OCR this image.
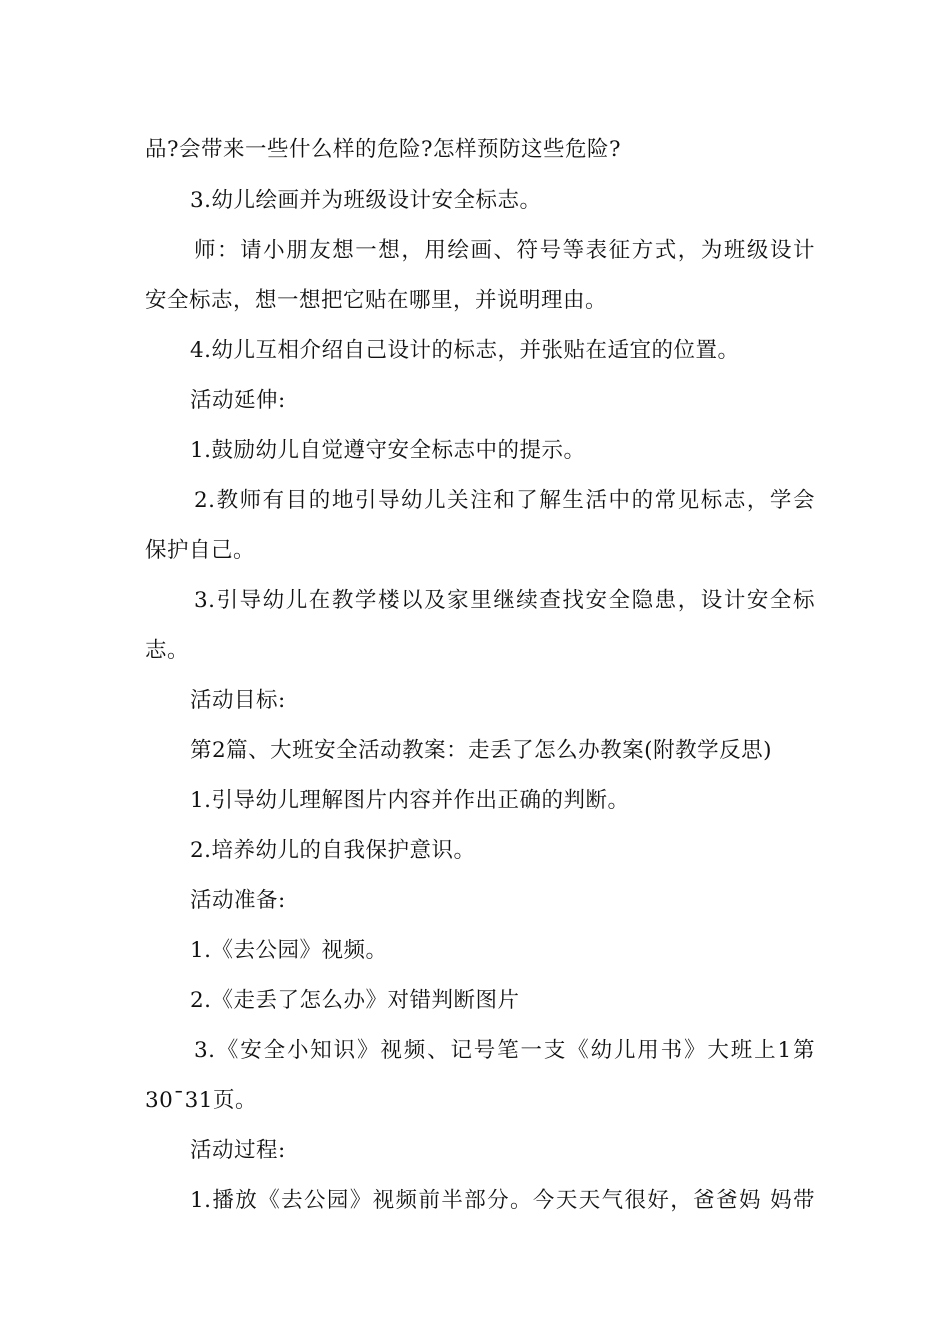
品?会带来一些什么样的危险?怎样预防这些危险?
3.幼儿绘画并为班级设计安全标志。
师：请小朋友想一想，用绘画、符号等表征方式，为班级设计
安全标志，想一想把它贴在哪里，并说明理由。
4.幼儿互相介绍自己设计的标志，并张贴在适宜的位置。
活动延伸:
1.鼓励幼儿自觉遵守安全标志中的提示。
2.教师有目的地引导幼儿关注和了解生活中的常见标志，学会
保护自己。
3.引导幼儿在教学楼以及家里继续查找安全隐患，设计安全标
志。
活动目标:
第2篇、大班安全活动教案：走丢了怎么办教案(附教学反思)
1.引导幼儿理解图片内容并作出正确的判断。
2.培养幼儿的自我保护意识。
活动准备:
1.《去公园》视频。
2.《走丢了怎么办》对错判断图片
3.《安全小知识》视频、记号笔一支《幼儿用书》大班上1第
30¯31页。
活动过程:
1.播放《去公园》视频前半部分。今天天气很好，爸爸妈 妈带
